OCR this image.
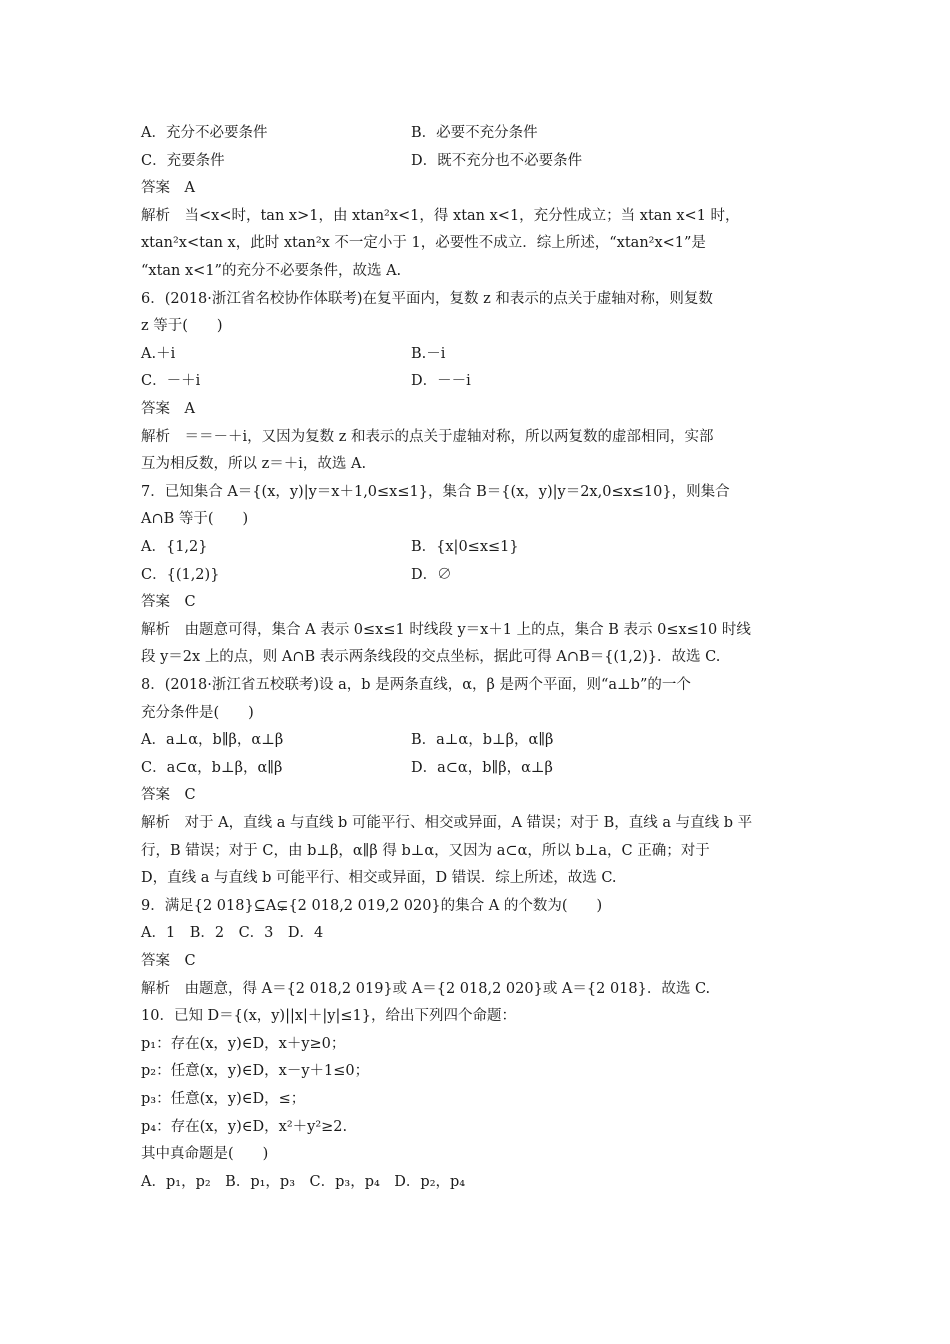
A．充分不必要条件	B．必要不充分条件
C．充要条件	D．既不充分也不必要条件
答案　A
解析　当<x<时，tan x>1，由 xtan²x<1，得 xtan x<1，充分性成立；当 xtan x<1 时，
xtan²x<tan x，此时 xtan²x 不一定小于 1，必要性不成立．综上所述，“xtan²x<1”是
“xtan x<1”的充分不必要条件，故选 A.
6．(2018·浙江省名校协作体联考)在复平面内，复数 z 和表示的点关于虚轴对称，则复数
z 等于(　　)
A.＋i	B.－i
C．－＋i	D．－－i
答案　A
解析　＝＝－＋i，又因为复数 z 和表示的点关于虚轴对称，所以两复数的虚部相同，实部
互为相反数，所以 z＝＋i，故选 A.
7．已知集合 A＝{(x，y)|y＝x＋1,0≤x≤1}，集合 B＝{(x，y)|y＝2x,0≤x≤10}，则集合
A∩B 等于(　　)
A．{1,2}	B．{x|0≤x≤1}
C．{(1,2)}	D．∅
答案　C
解析　由题意可得，集合 A 表示 0≤x≤1 时线段 y＝x＋1 上的点，集合 B 表示 0≤x≤10 时线
段 y＝2x 上的点，则 A∩B 表示两条线段的交点坐标，据此可得 A∩B＝{(1,2)}．故选 C.
8．(2018·浙江省五校联考)设 a，b 是两条直线，α，β 是两个平面，则“a⊥b”的一个
充分条件是(　　)
A．a⊥α，b∥β，α⊥β	B．a⊥α，b⊥β，α∥β
C．a⊂α，b⊥β，α∥β	D．a⊂α，b∥β，α⊥β
答案　C
解析　对于 A，直线 a 与直线 b 可能平行、相交或异面，A 错误；对于 B，直线 a 与直线 b 平
行，B 错误；对于 C，由 b⊥β，α∥β 得 b⊥α，又因为 a⊂α，所以 b⊥a，C 正确；对于
D，直线 a 与直线 b 可能平行、相交或异面，D 错误．综上所述，故选 C.
9．满足{2 018}⊆A⊊{2 018,2 019,2 020}的集合 A 的个数为(　　)
A．1　B．2　C．3　D．4
答案　C
解析　由题意，得 A＝{2 018,2 019}或 A＝{2 018,2 020}或 A＝{2 018}．故选 C.
10．已知 D＝{(x，y)||x|＋|y|≤1}，给出下列四个命题：
p₁：存在(x，y)∈D，x＋y≥0；
p₂：任意(x，y)∈D，x－y＋1≤0；
p₃：任意(x，y)∈D，≤；
p₄：存在(x，y)∈D，x²＋y²≥2.
其中真命题是(　　)
A．p₁，p₂　B．p₁，p₃　C．p₃，p₄　D．p₂，p₄
